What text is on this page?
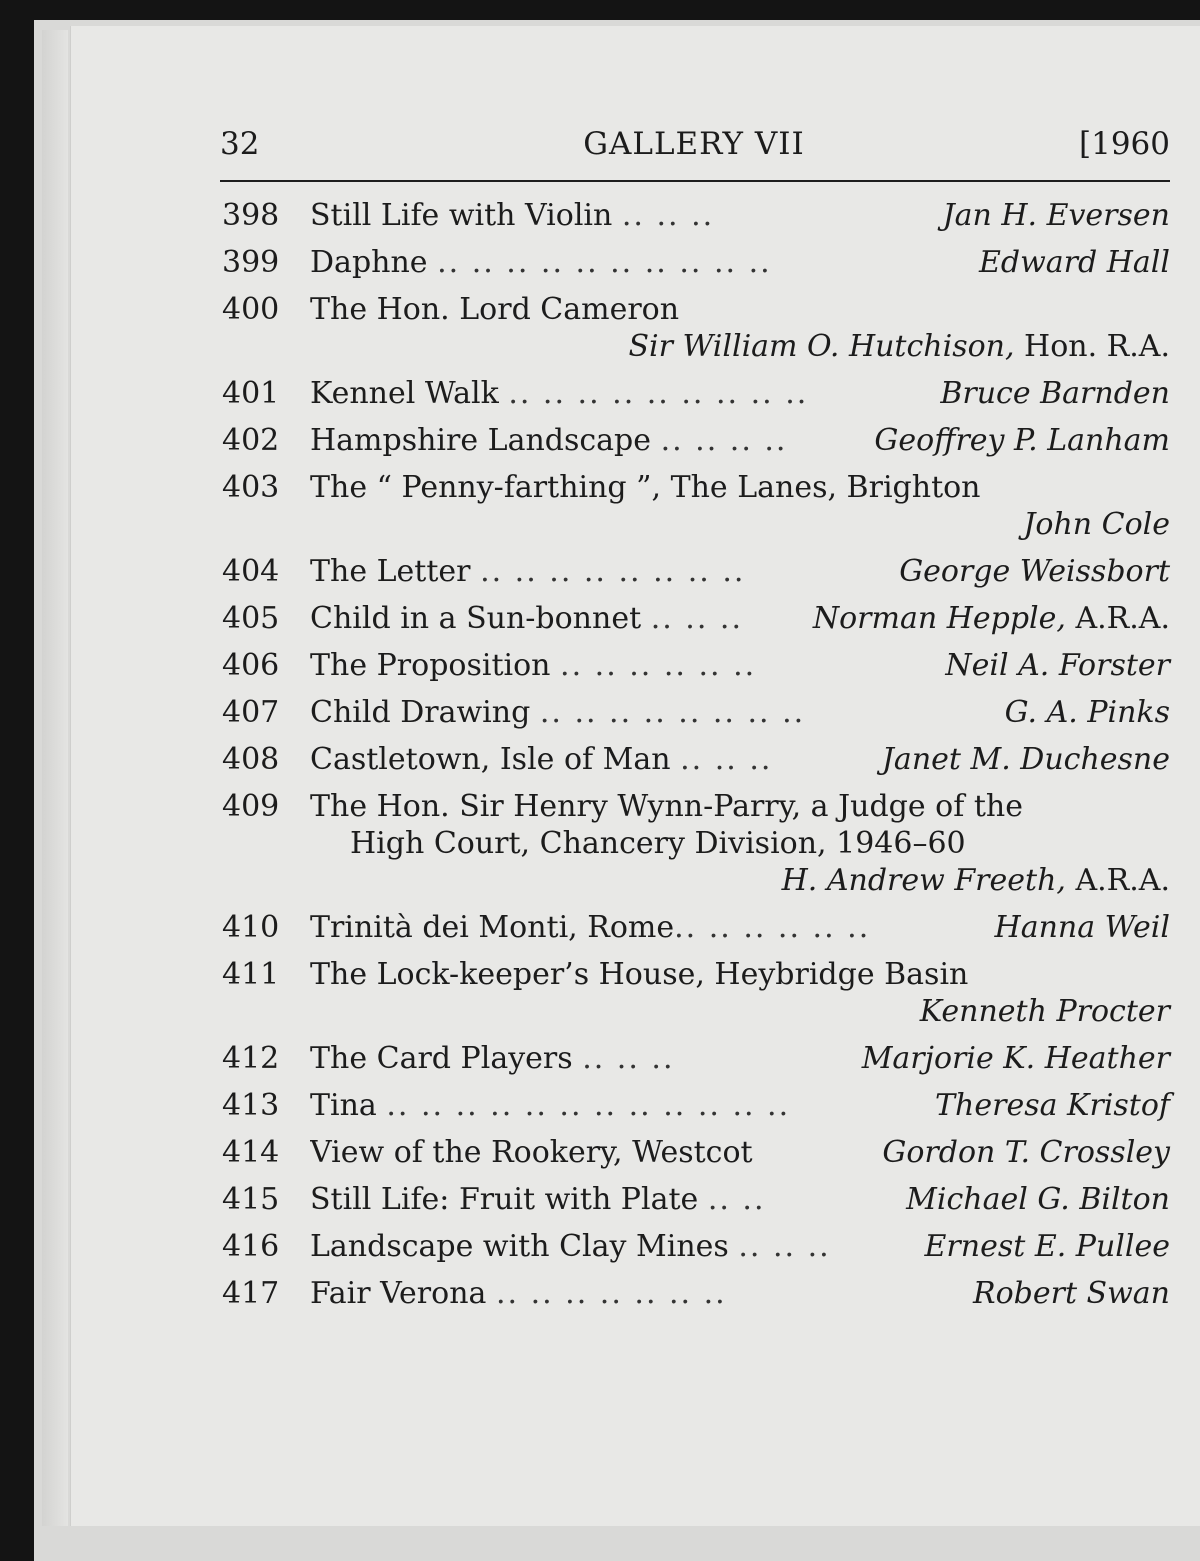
GALLERY VII
32	[1960
398 Still Life with Violin .. .. ..	Jan H. Eversen
399 Daphne .. .. .. .. .. .. .. .. .. ..	Edward Hall
400 The Hon. Lord Cameron
Sir William O. Hutchison, Hon. R.A.
401 Kennel Walk .. .. .. .. .. .. .. .. ..	Bruce Barnden
402 Hampshire Landscape .. .. .. ..	Geoffrey P. Lanham
403 The “ Penny-farthing ”, The Lanes, Brighton
John Cole
404 The Letter .. .. .. .. .. .. .. ..	George Weissbort
405 Child in a Sun-bonnet .. .. ..	Norman Hepple, A.R.A.
406 The Proposition .. .. .. .. .. ..	Neil A. Forster
407 Child Drawing .. .. .. .. .. .. .. ..	G. A. Pinks
408 Castletown, Isle of Man .. .. ..	Janet M. Duchesne
409 The Hon. Sir Henry Wynn-Parry, a Judge of the
High Court, Chancery Division, 1946–60
H. Andrew Freeth, A.R.A.
410 Trinità dei Monti, Rome.. .. .. .. .. ..	Hanna Weil
411 The Lock-keeper’s House, Heybridge Basin
Kenneth Procter
412 The Card Players .. .. ..	Marjorie K. Heather
413 Tina .. .. .. .. .. .. .. .. .. .. .. ..	Theresa Kristof
414 View of the Rookery, Westcot	Gordon T. Crossley
415 Still Life: Fruit with Plate .. ..	Michael G. Bilton
416 Landscape with Clay Mines .. .. ..	Ernest E. Pullee
417 Fair Verona .. .. .. .. .. .. ..	Robert Swan
